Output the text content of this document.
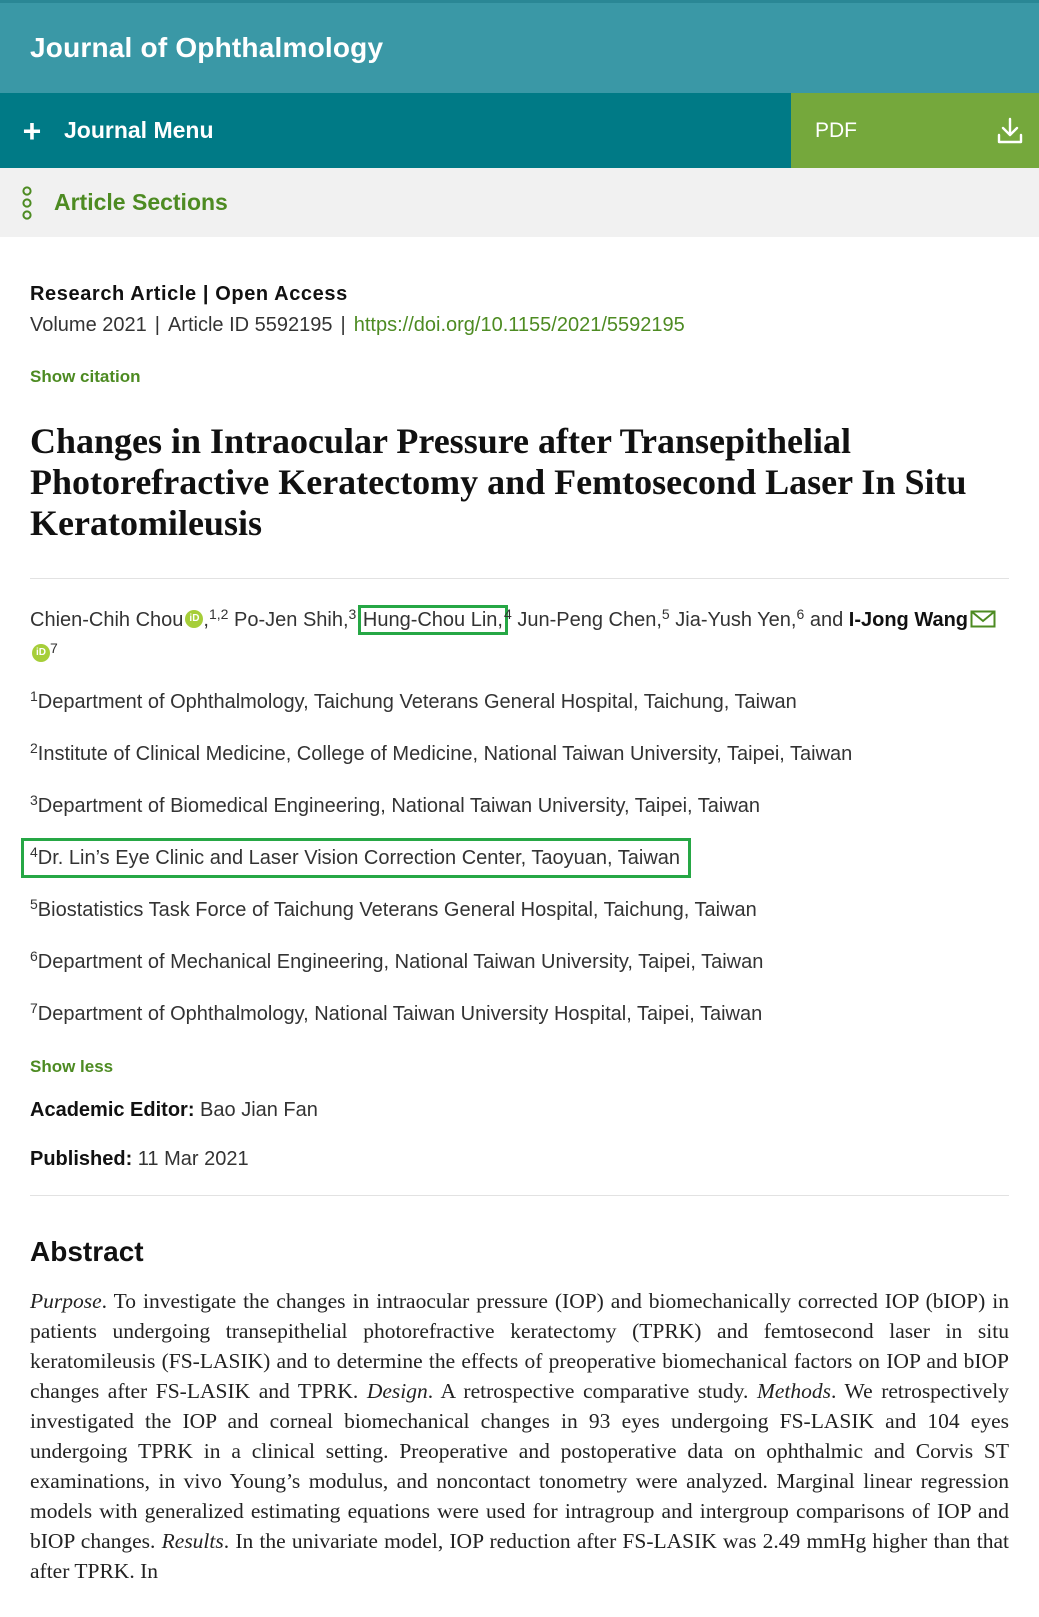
Journal of Ophthalmology
+ Journal Menu	PDF
Article Sections
Research Article | Open Access
Volume 2021 | Article ID 5592195 | https://doi.org/10.1155/2021/5592195
Show citation
Changes in Intraocular Pressure after Transepithelial Photorefractive Keratectomy and Femtosecond Laser In Situ Keratomileusis
Chien-Chih Chou iD ,$^{1,2}$ Po-Jen Shih,$^3$ Hung-Chou Lin,$^4$ Jun-Peng Chen,$^5$ Jia-Yush Yen,$^6$ and I-Jong WangiD $^7$
$^1$Department of Ophthalmology, Taichung Veterans General Hospital, Taichung, Taiwan
$^2$Institute of Clinical Medicine, College of Medicine, National Taiwan University, Taipei, Taiwan
$^3$Department of Biomedical Engineering, National Taiwan University, Taipei, Taiwan
$^4$Dr. Lin’s Eye Clinic and Laser Vision Correction Center, Taoyuan, Taiwan
$^5$Biostatistics Task Force of Taichung Veterans General Hospital, Taichung, Taiwan
$^6$Department of Mechanical Engineering, National Taiwan University, Taipei, Taiwan
$^7$Department of Ophthalmology, National Taiwan University Hospital, Taipei, Taiwan
Show less
Academic Editor: Bao Jian Fan
Published: 11 Mar 2021
Abstract

Purpose. To investigate the changes in intraocular pressure (IOP) and biomechanically corrected IOP (bIOP) in patients undergoing transepithelial photorefractive keratectomy (TPRK) and femtosecond laser in situ keratomileusis (FS-LASIK) and to determine the effects of preoperative biomechanical factors on IOP and bIOP changes after FS-LASIK and TPRK. Design. A retrospective comparative study. Methods. We retrospectively investigated the IOP and corneal biomechanical changes in 93 eyes undergoing FS-LASIK and 104 eyes undergoing TPRK in a clinical setting. Preoperative and postoperative data on ophthalmic and Corvis ST examinations, in vivo Young’s modulus, and noncontact tonometry were analyzed. Marginal linear regression models with generalized estimating equations were used for intragroup and intergroup comparisons of IOP and bIOP changes. Results. In the univariate model, IOP reduction after FS-LASIK was 2.49 mmHg higher than that after TPRK. In
